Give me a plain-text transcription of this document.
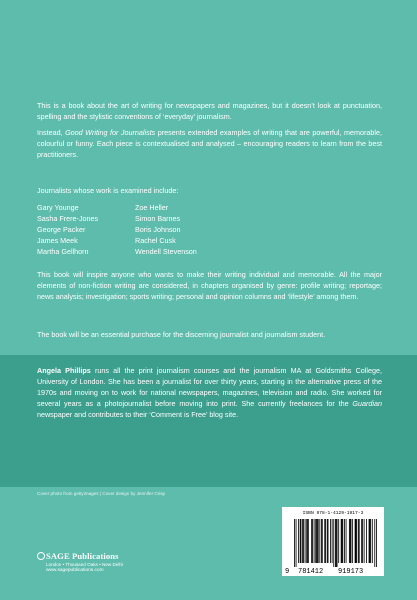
This is a book about the art of writing for newspapers and magazines, but it doesn’t look at punctuation, spelling and the stylistic conventions of ‘everyday’ journalism.

Instead, Good Writing for Journalists presents extended examples of writing that are powerful, memorable, colourful or funny. Each piece is contextualised and analysed – encouraging readers to learn from the best practitioners.

Journalists whose work is examined include:

Gary Younge	Zoe Heller
Sasha Frere-Jones	Simon Barnes
George Packer	Boris Johnson
James Meek	Rachel Cusk
Martha Gellhorn	Wendell Stevenson

This book will inspire anyone who wants to make their writing individual and memorable. All the major elements of non-fiction writing are considered, in chapters organised by genre: profile writing; reportage; news analysis; investigation; sports writing; personal and opinion columns and ‘lifestyle’ among them.

The book will be an essential purchase for the discerning journalist and journalism student.

Angela Phillips runs all the print journalism courses and the journalism MA at Goldsmiths College, University of London. She has been a journalist for over thirty years, starting in the alternative press of the 1970s and moving on to work for national newspapers, magazines, television and radio. She worked for several years as a photojournalist before moving into print. She currently freelances for the Guardian newspaper and contributes to their ‘Comment is Free’ blog site.

Cover photo from gettyimages | Cover design by Jennifer Crisp
SAGE Publications
London • Thousand Oaks • New Delhi
www.sagepublications.com
ISBN 978-1-4129-1917-3
9 781412 919173
